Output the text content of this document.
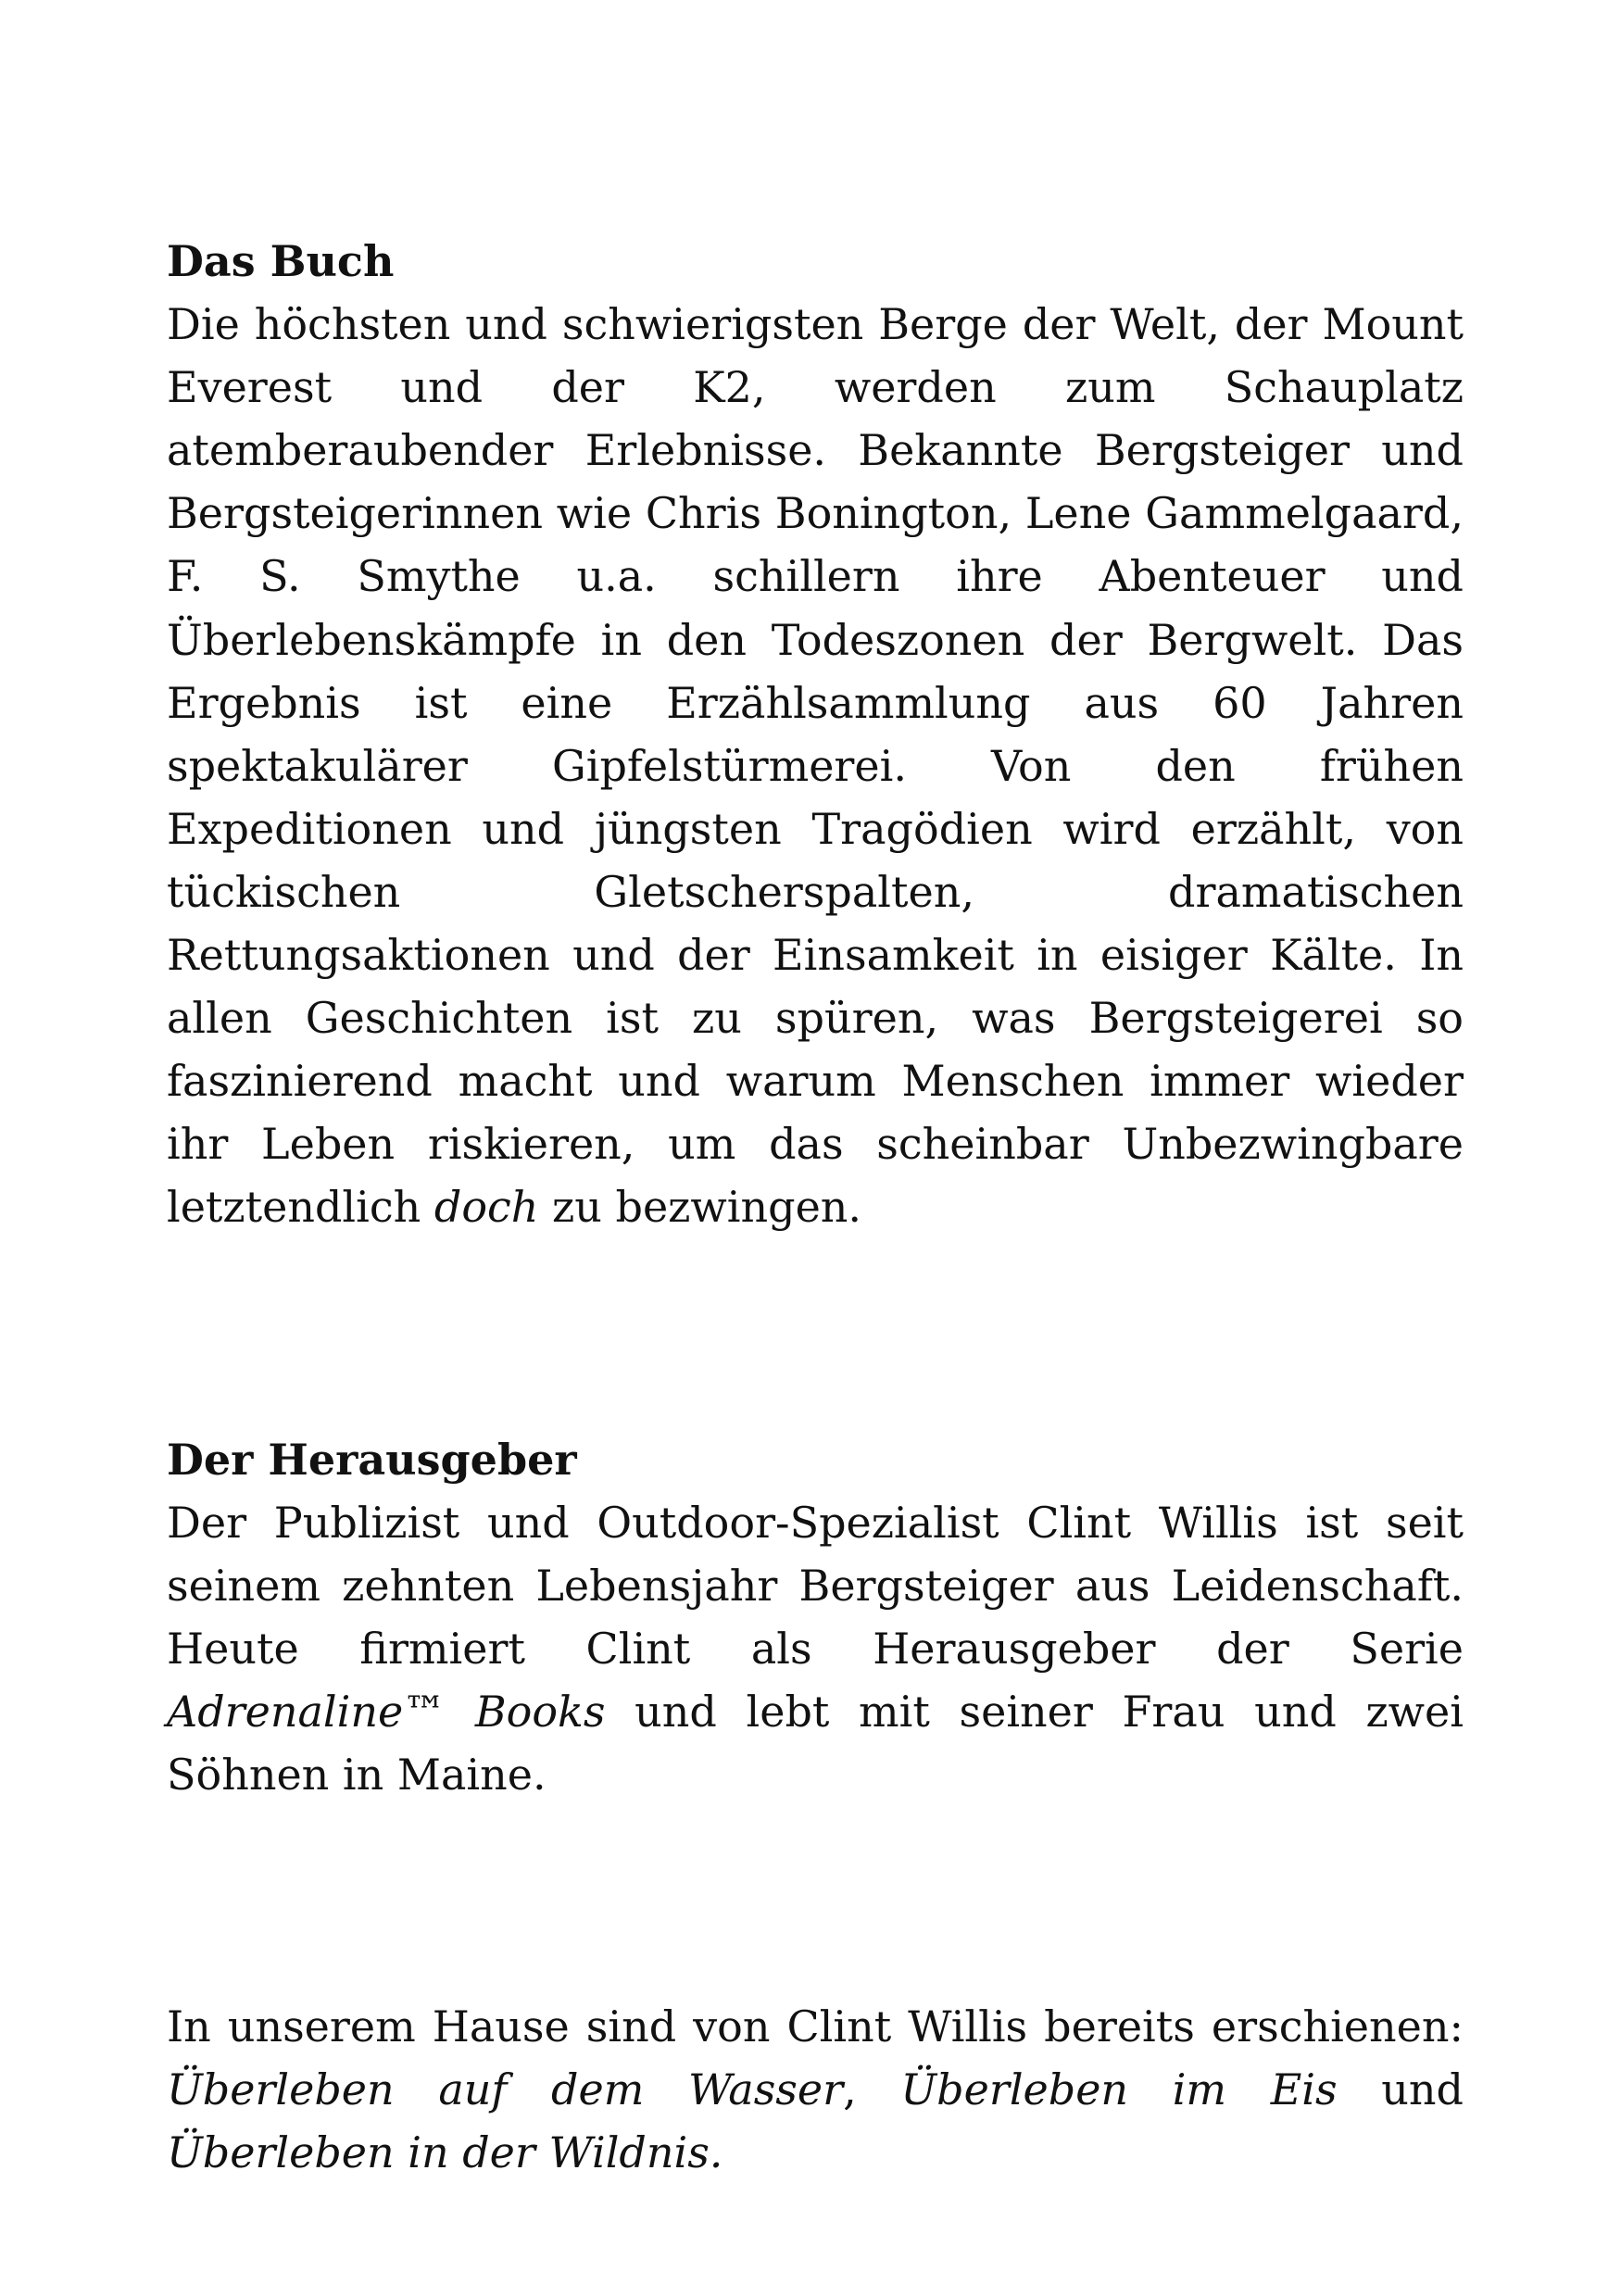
Das Buch
Die höchsten und schwierigsten Berge der Welt, der Mount Everest und der K2, werden zum Schauplatz atemberaubender Erlebnisse. Bekannte Bergsteiger und Bergsteigerinnen wie Chris Bonington, Lene Gammelgaard, F. S. Smythe u.a. schillern ihre Abenteuer und Überlebenskämpfe in den Todeszonen der Bergwelt. Das Ergebnis ist eine Erzählsammlung aus 60 Jahren spektakulärer Gipfelstürmerei. Von den frühen Expeditionen und jüngsten Tragödien wird erzählt, von tückischen Gletscherspalten, dramatischen Rettungsaktionen und der Einsamkeit in eisiger Kälte. In allen Geschichten ist zu spüren, was Bergsteigerei so faszinierend macht und warum Menschen immer wieder ihr Leben riskieren, um das scheinbar Unbezwingbare letztendlich doch zu bezwingen.
Der Herausgeber
Der Publizist und Outdoor-Spezialist Clint Willis ist seit seinem zehnten Lebensjahr Bergsteiger aus Leidenschaft. Heute firmiert Clint als Herausgeber der Serie Adrenaline™ Books und lebt mit seiner Frau und zwei Söhnen in Maine.
In unserem Hause sind von Clint Willis bereits erschienen: Überleben auf dem Wasser, Überleben im Eis und Überleben in der Wildnis.
